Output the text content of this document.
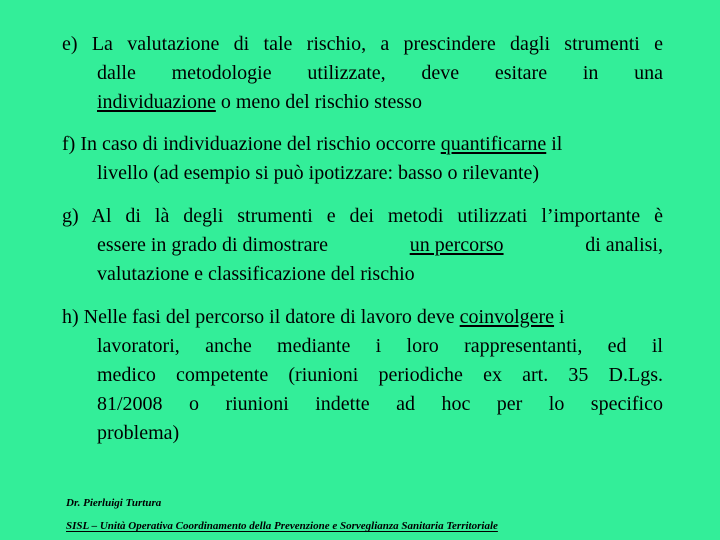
e) La valutazione di tale rischio, a prescindere dagli strumenti e
dalle metodologie utilizzate, deve esitare in una
individuazione o meno del rischio stesso
f) In caso di individuazione del rischio occorre quantificarne il
livello (ad esempio si può ipotizzare: basso o rilevante)
g) Al di là degli strumenti e dei metodi utilizzati l’importante è
essere in grado di dimostrare	un percorso	di analisi,
valutazione e classificazione del rischio
h) Nelle fasi del percorso il datore di lavoro deve coinvolgere i
lavoratori, anche mediante i loro rappresentanti, ed il
medico competente (riunioni periodiche ex art. 35 D.Lgs.
81/2008 o riunioni indette ad hoc per lo specifico
problema)
Dr. Pierluigi Turtura
SISL – Unità Operativa Coordinamento della Prevenzione e Sorveglianza Sanitaria Territoriale
